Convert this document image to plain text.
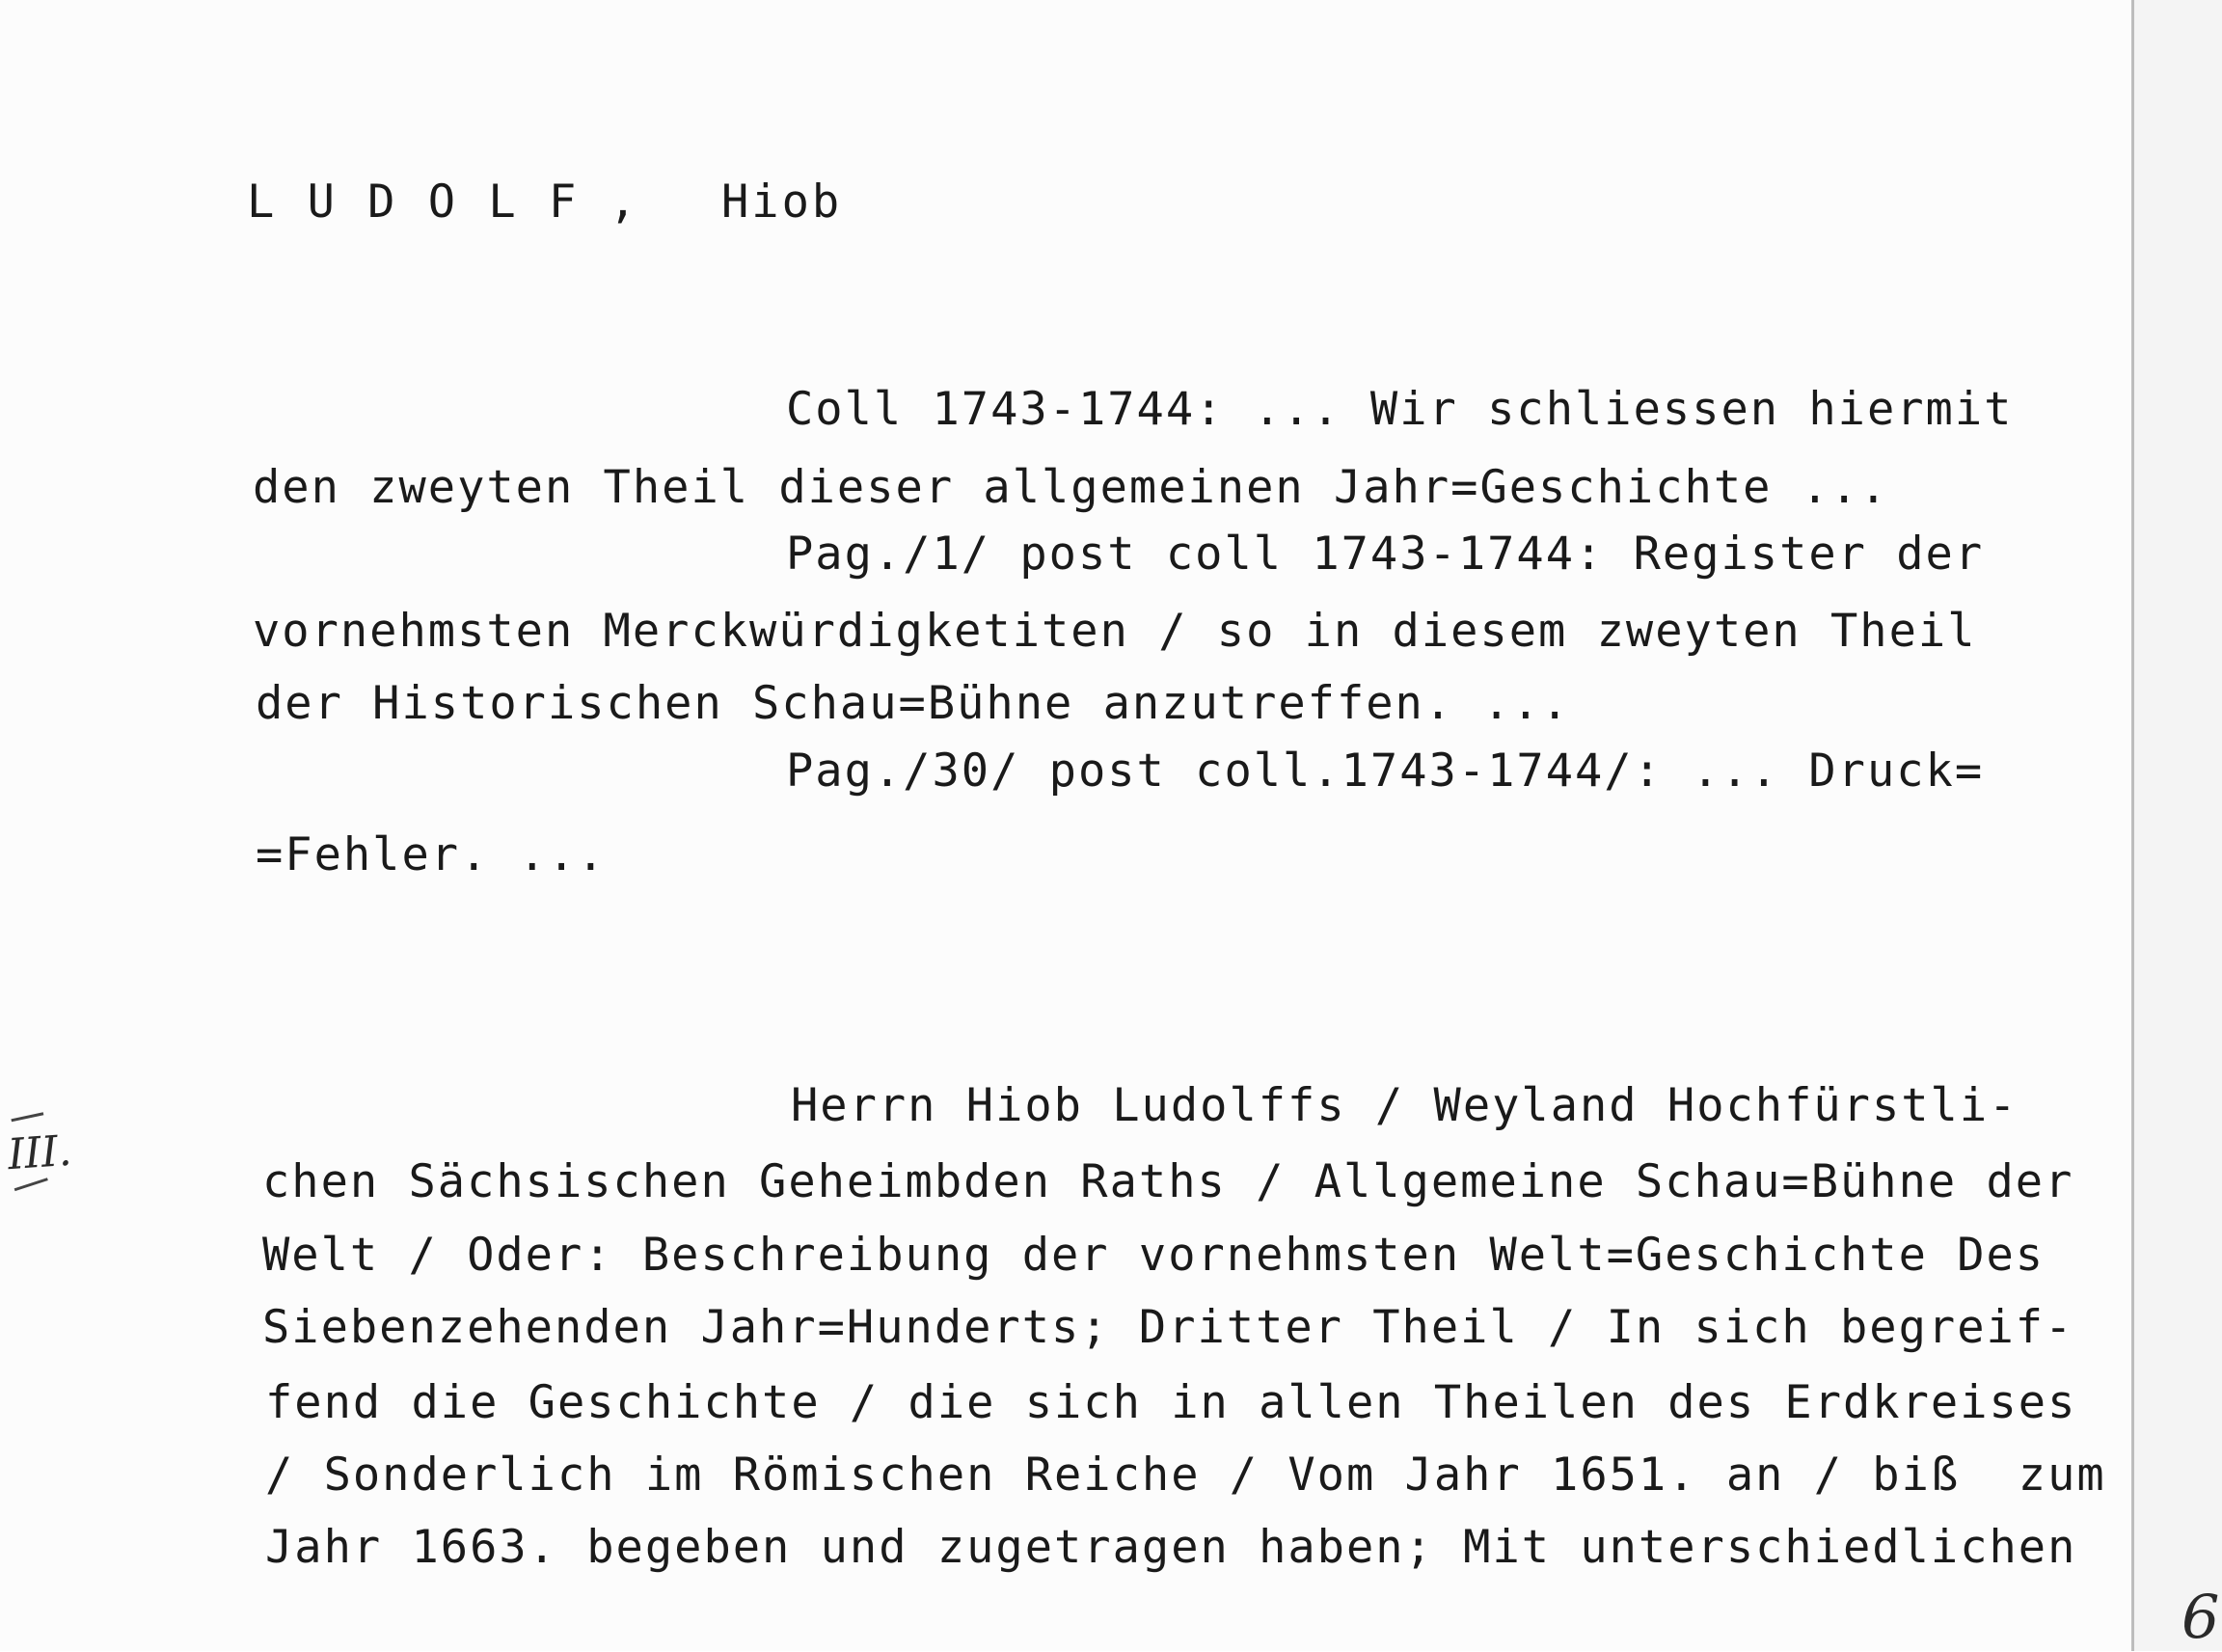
L U D O L F , Hiob
Coll 1743-1744: ... Wir schliessen hiermit
den zweyten Theil dieser allgemeinen Jahr=Geschichte ...
Pag./1/ post coll 1743-1744: Register der
vornehmsten Merckwürdigketiten / so in diesem zweyten Theil
der Historischen Schau=Bühne anzutreffen. ...
Pag./30/ post coll.1743-1744/: ... Druck=
=Fehler. ...
Herrn Hiob Ludolffs / Weyland Hochfürstli-
chen Sächsischen Geheimbden Raths / Allgemeine Schau=Bühne der
Welt / Oder: Beschreibung der vornehmsten Welt=Geschichte Des
Siebenzehenden Jahr=Hunderts; Dritter Theil / In sich begreif-
fend die Geschichte / die sich in allen Theilen des Erdkreises
/ Sonderlich im Römischen Reiche / Vom Jahr 1651. an / biß  zum
Jahr 1663. begeben und zugetragen haben; Mit unterschiedlichen
III.
6
